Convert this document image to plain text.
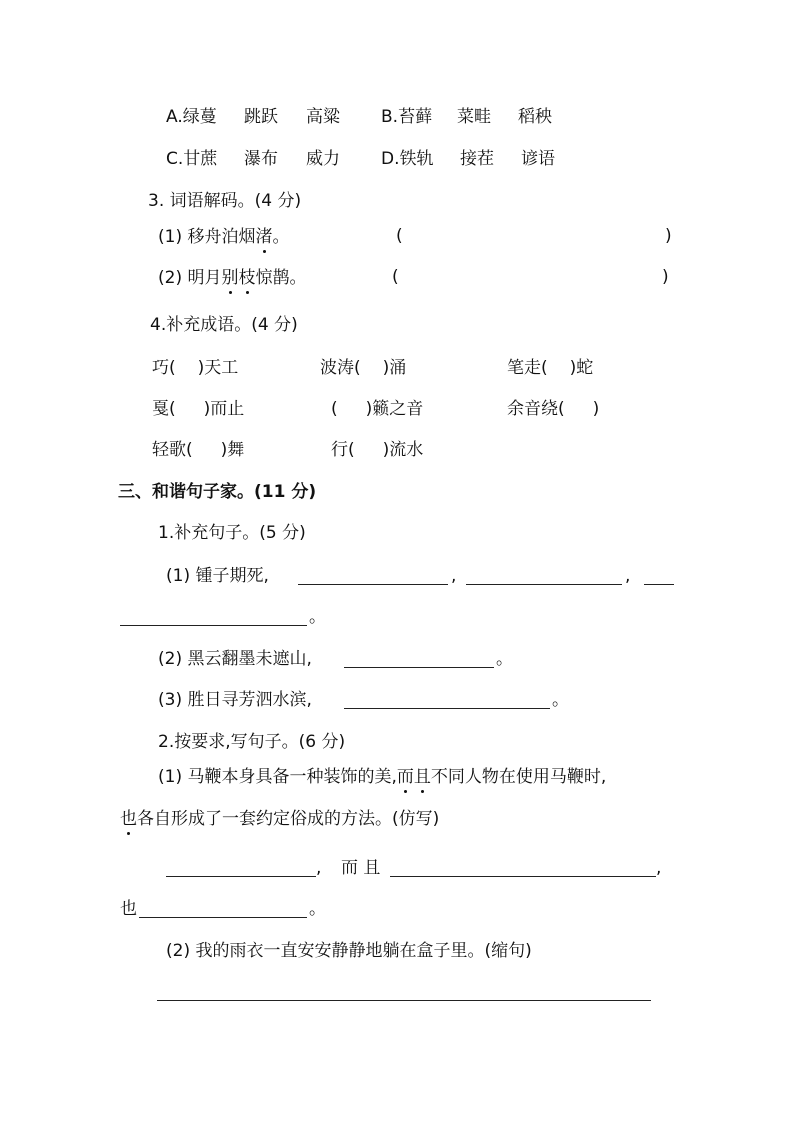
A.绿蔓 跳跃 高粱 B.苔藓 菜畦 稻秧
C.甘蔗 瀑布 威力 D.铁轨 接茬 谚语
3. 词语解码。(4 分)
(1) 移舟泊烟渚。	(	)
(2) 明月别枝惊鹊。	(	)
4.补充成语。(4 分)
巧( )天工	波涛( )涌	笔走( )蛇
戛( )而止	( )籁之音	余音绕( )
轻歌( )舞	行( )流水
三、和谐句子家。(11 分)
1.补充句子。(5 分)
(1) 锺子期死,	,	,
。
(2) 黑云翻墨未遮山,	。
(3) 胜日寻芳泗水滨,	。
2.按要求,写句子。(6 分)
(1) 马鞭本身具备一种装饰的美,而且不同人物在使用马鞭时,
也各自形成了一套约定俗成的方法。(仿写)
, 而 且	,
也	。
(2) 我的雨衣一直安安静静地躺在盒子里。(缩句)
